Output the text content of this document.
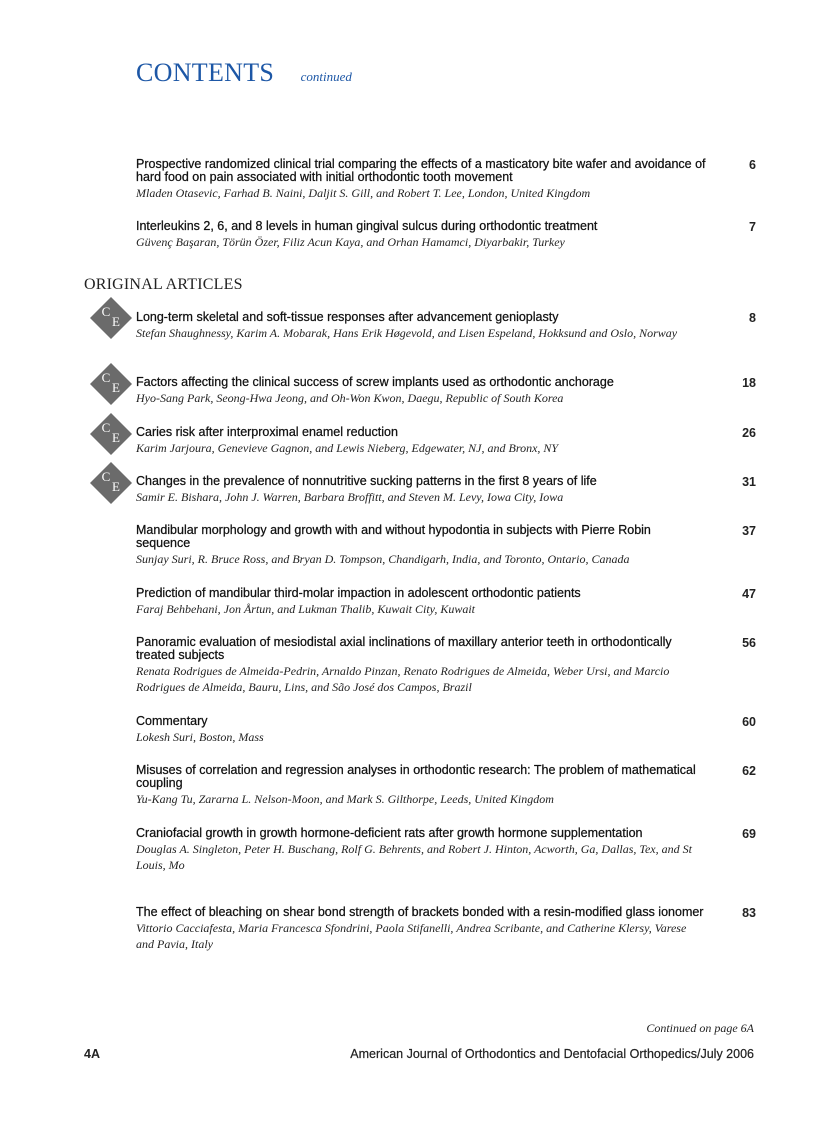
CONTENTS continued
ORIGINAL ARTICLES
Prospective randomized clinical trial comparing the effects of a masticatory bite wafer and avoidance of hard food on pain associated with initial orthodontic tooth movement
Mladen Otasevic, Farhad B. Naini, Daljit S. Gill, and Robert T. Lee, London, United Kingdom
6
Interleukins 2, 6, and 8 levels in human gingival sulcus during orthodontic treatment
Güvenç Başaran, Törün Özer, Filiz Acun Kaya, and Orhan Hamamci, Diyarbakir, Turkey
7
C
E
C
E
C
E
C
E
Long-term skeletal and soft-tissue responses after advancement genioplasty
Stefan Shaughnessy, Karim A. Mobarak, Hans Erik Høgevold, and Lisen Espeland, Hokksund and Oslo, Norway
8
Factors affecting the clinical success of screw implants used as orthodontic anchorage
Hyo-Sang Park, Seong-Hwa Jeong, and Oh-Won Kwon, Daegu, Republic of South Korea
18
Caries risk after interproximal enamel reduction
Karim Jarjoura, Genevieve Gagnon, and Lewis Nieberg, Edgewater, NJ, and Bronx, NY
26
Changes in the prevalence of nonnutritive sucking patterns in the first 8 years of life
Samir E. Bishara, John J. Warren, Barbara Broffitt, and Steven M. Levy, Iowa City, Iowa
31
Mandibular morphology and growth with and without hypodontia in subjects with Pierre Robin sequence
Sunjay Suri, R. Bruce Ross, and Bryan D. Tompson, Chandigarh, India, and Toronto, Ontario, Canada
37
Prediction of mandibular third-molar impaction in adolescent orthodontic patients
Faraj Behbehani, Jon Årtun, and Lukman Thalib, Kuwait City, Kuwait
47
Panoramic evaluation of mesiodistal axial inclinations of maxillary anterior teeth in orthodontically treated subjects
Renata Rodrigues de Almeida-Pedrin, Arnaldo Pinzan, Renato Rodrigues de Almeida, Weber Ursi, and Marcio Rodrigues de Almeida, Bauru, Lins, and São José dos Campos, Brazil
56
Commentary
Lokesh Suri, Boston, Mass
60
Misuses of correlation and regression analyses in orthodontic research: The problem of mathematical coupling
Yu-Kang Tu, Zararna L. Nelson-Moon, and Mark S. Gilthorpe, Leeds, United Kingdom
62
Craniofacial growth in growth hormone-deficient rats after growth hormone supplementation
Douglas A. Singleton, Peter H. Buschang, Rolf G. Behrents, and Robert J. Hinton, Acworth, Ga, Dallas, Tex, and St Louis, Mo
69
The effect of bleaching on shear bond strength of brackets bonded with a resin-modified glass ionomer
Vittorio Cacciafesta, Maria Francesca Sfondrini, Paola Stifanelli, Andrea Scribante, and Catherine Klersy, Varese and Pavia, Italy
83
Continued on page 6A
4A	American Journal of Orthodontics and Dentofacial Orthopedics/July 2006
